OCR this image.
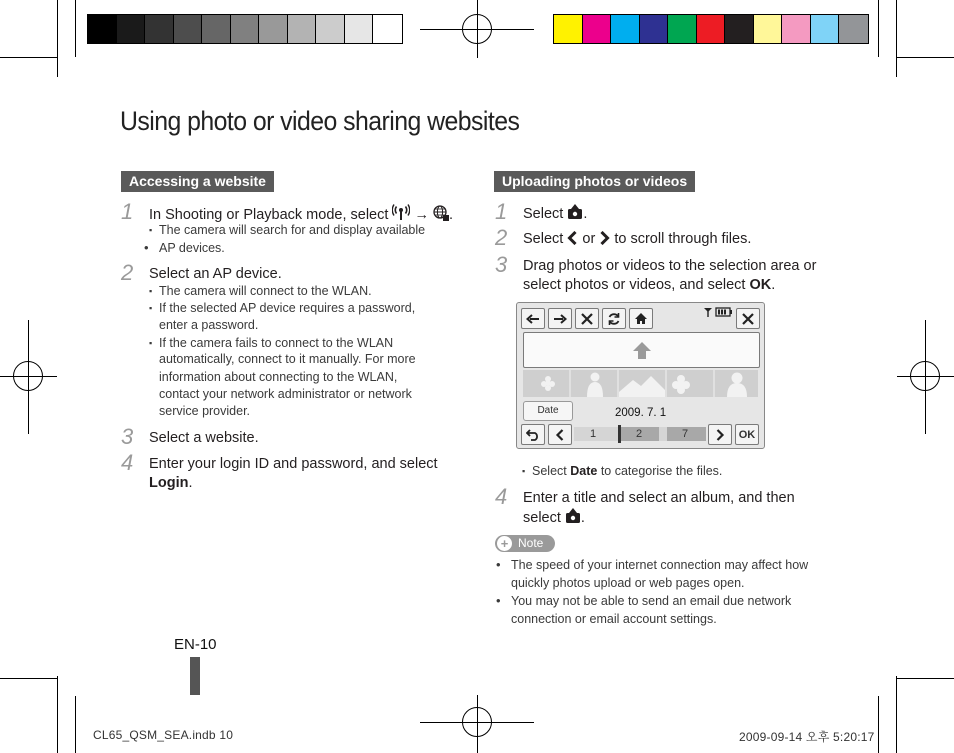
Using photo or video sharing websites
Accessing a website
1 In Shooting or Playback mode, select → .
▪ The camera will search for and display available
AP devices.
2 Select an AP device.
▪ The camera will connect to the WLAN.
▪ If the selected AP device requires a password,
enter a password.
▪ If the camera fails to connect to the WLAN
automatically, connect to it manually. For more
information about connecting to the WLAN,
contact your network administrator or network
service provider.
3 Select a website.
4 Enter your login ID and password, and select Login.
Uploading photos or videos
1 Select .
2 Select or to scroll through files.
3 Drag photos or videos to the selection area or
select photos or videos, and select OK.
Date	2009. 7. 1
1	2	7	OK
▪ Select Date to categorise the files.
4 Enter a title and select an album, and then
select .
+ Note
• The speed of your internet connection may affect how
quickly photos upload or web pages open.
• You may not be able to send an email due network
connection or email account settings.
EN-10
CL65_QSM_SEA.indb 10	2009-09-14 오후 5:20:17
